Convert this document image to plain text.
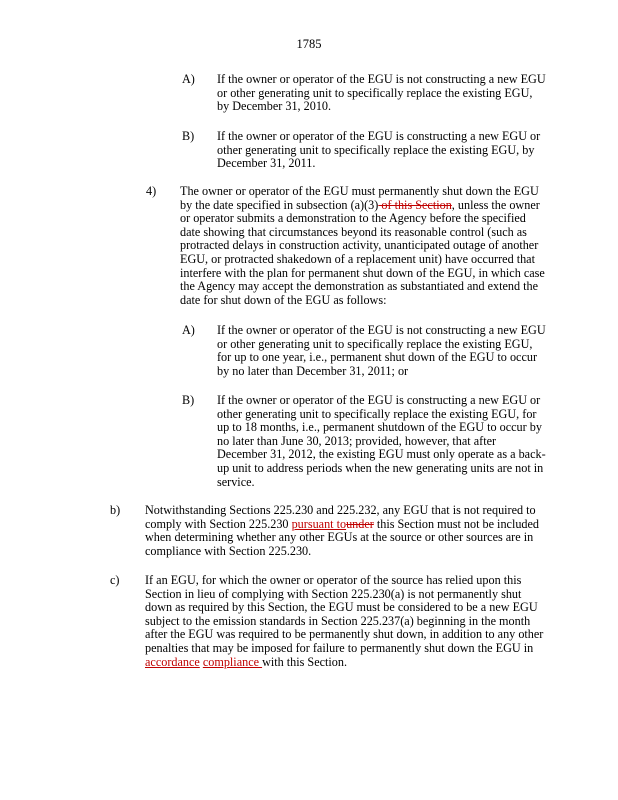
1785
A) If the owner or operator of the EGU is not constructing a new EGU
or other generating unit to specifically replace the existing EGU,
by December 31, 2010.
B) If the owner or operator of the EGU is constructing a new EGU or
other generating unit to specifically replace the existing EGU, by
December 31, 2011.
4) The owner or operator of the EGU must permanently shut down the EGU
by the date specified in subsection (a)(3) of this Section, unless the owner
or operator submits a demonstration to the Agency before the specified
date showing that circumstances beyond its reasonable control (such as
protracted delays in construction activity, unanticipated outage of another
EGU, or protracted shakedown of a replacement unit) have occurred that
interfere with the plan for permanent shut down of the EGU, in which case
the Agency may accept the demonstration as substantiated and extend the
date for shut down of the EGU as follows:
A) If the owner or operator of the EGU is not constructing a new EGU
or other generating unit to specifically replace the existing EGU,
for up to one year, i.e., permanent shut down of the EGU to occur
by no later than December 31, 2011; or
B) If the owner or operator of the EGU is constructing a new EGU or
other generating unit to specifically replace the existing EGU, for
up to 18 months, i.e., permanent shutdown of the EGU to occur by
no later than June 30, 2013; provided, however, that after
December 31, 2012, the existing EGU must only operate as a back-
up unit to address periods when the new generating units are not in
service.
b) Notwithstanding Sections 225.230 and 225.232, any EGU that is not required to
comply with Section 225.230 pursuant tounder this Section must not be included
when determining whether any other EGUs at the source or other sources are in
compliance with Section 225.230.
c) If an EGU, for which the owner or operator of the source has relied upon this
Section in lieu of complying with Section 225.230(a) is not permanently shut
down as required by this Section, the EGU must be considered to be a new EGU
subject to the emission standards in Section 225.237(a) beginning in the month
after the EGU was required to be permanently shut down, in addition to any other
penalties that may be imposed for failure to permanently shut down the EGU in
accordance compliance with this Section.
